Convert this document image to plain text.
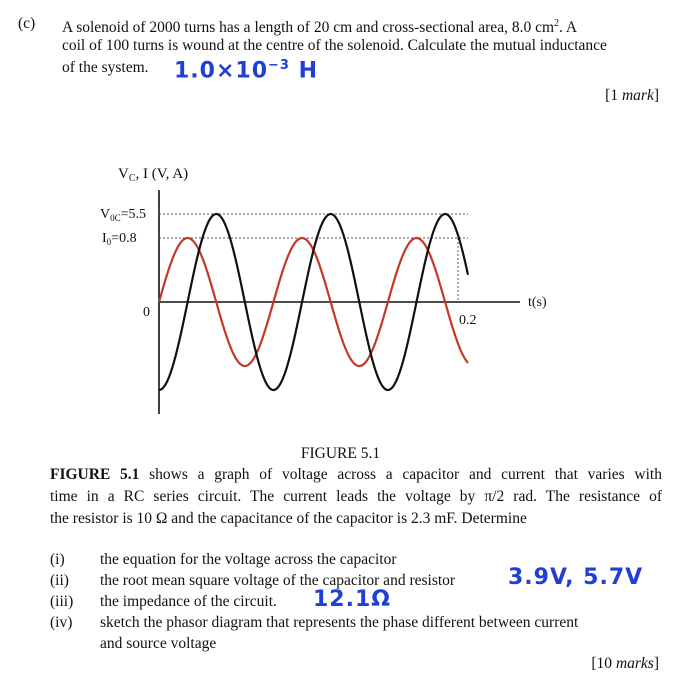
(c) A solenoid of 2000 turns has a length of 20 cm and cross-sectional area, 8.0 $cm^2$. A
coil of 100 turns is wound at the centre of the solenoid. Calculate the mutual inductance
of the system. $1.0\times 10^{-3}$ H
[1 mark]
$V_C$, I (V, A)
$V_{0C}=5.5$
$I_0=0.8$
0
0.2
t(s)
FIGURE 5.1
FIGURE 5.1 shows a graph of voltage across a capacitor and current that varies with
time in a RC series circuit. The current leads the voltage by π/2 rad. The resistance of
the resistor is 10 Ω and the capacitance of the capacitor is 2.3 mF. Determine
(i) the equation for the voltage across the capacitor
(ii) the root mean square voltage of the capacitor and resistor 3.9V, 5.7V
(iii) the impedance of the circuit. 12.1Ω
(iv) sketch the phasor diagram that represents the phase different between current
and source voltage
[10 marks]
